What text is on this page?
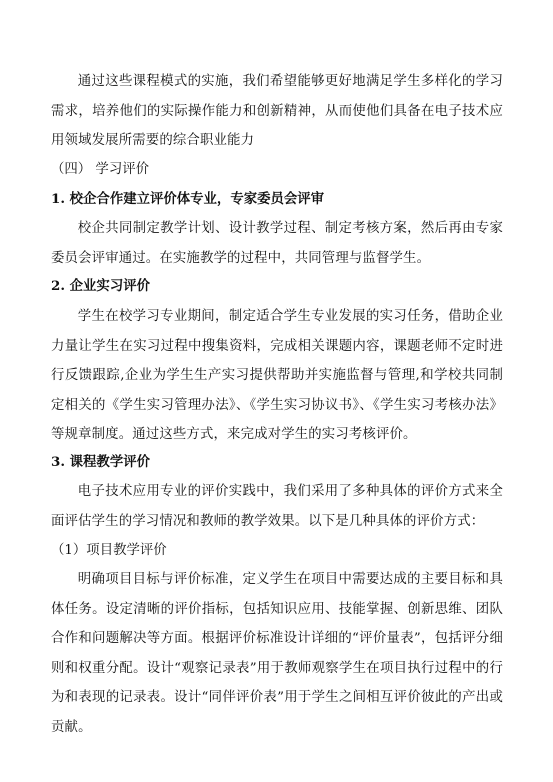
通过这些课程模式的实施，我们希望能够更好地满足学生多样化的学习需求，培养他们的实际操作能力和创新精神，从而使他们具备在电子技术应用领域发展所需要的综合职业能力
（四） 学习评价
1. 校企合作建立评价体专业，专家委员会评审
校企共同制定教学计划、设计教学过程、制定考核方案，然后再由专家委员会评审通过。在实施教学的过程中，共同管理与监督学生。
2. 企业实习评价
学生在校学习专业期间，制定适合学生专业发展的实习任务，借助企业力量让学生在实习过程中搜集资料，完成相关课题内容，课题老师不定时进行反馈跟踪,企业为学生生产实习提供帮助并实施监督与管理,和学校共同制定相关的《学生实习管理办法》、《学生实习协议书》、《学生实习考核办法》等规章制度。通过这些方式，来完成对学生的实习考核评价。
3. 课程教学评价
电子技术应用专业的评价实践中，我们采用了多种具体的评价方式来全面评估学生的学习情况和教师的教学效果。以下是几种具体的评价方式：
（1）项目教学评价
明确项目目标与评价标准，定义学生在项目中需要达成的主要目标和具体任务。设定清晰的评价指标，包括知识应用、技能掌握、创新思维、团队合作和问题解决等方面。根据评价标准设计详细的“评价量表”，包括评分细则和权重分配。设计“观察记录表”用于教师观察学生在项目执行过程中的行为和表现的记录表。设计“同伴评价表”用于学生之间相互评价彼此的产出或贡献。
